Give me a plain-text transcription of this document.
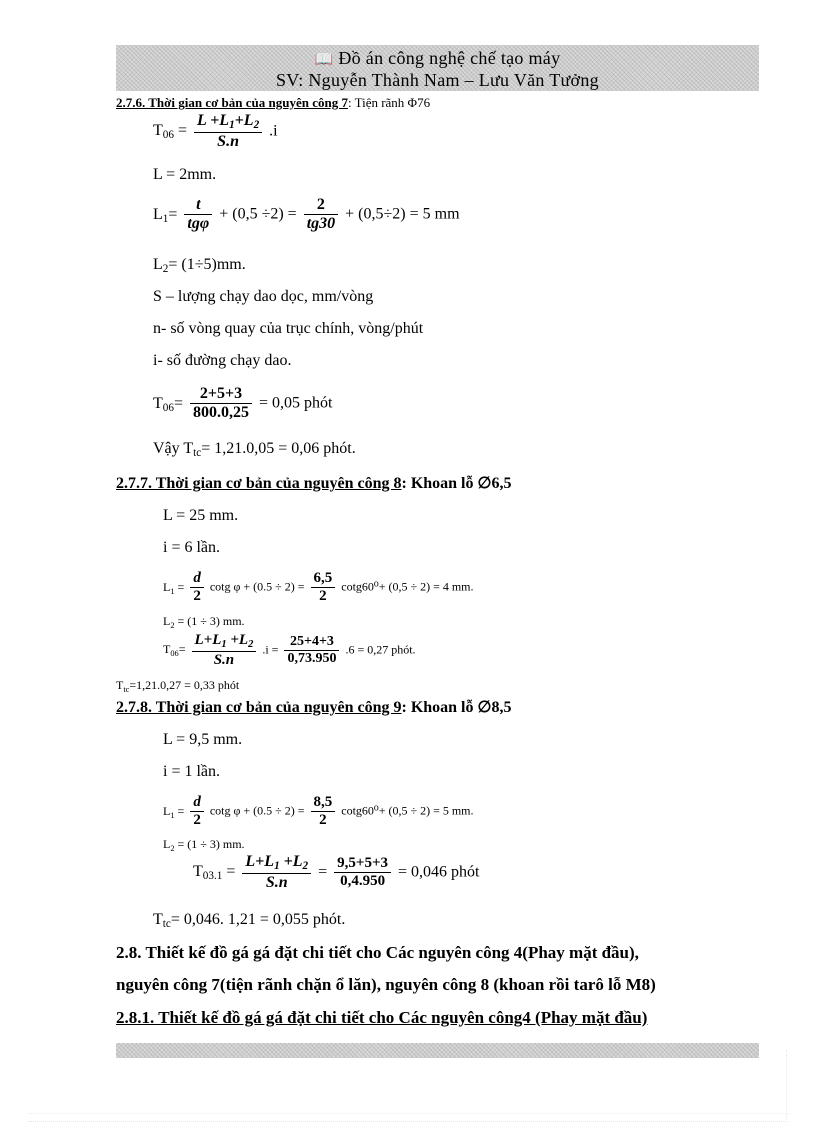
📖 Đồ án công nghệ chế tạo máy
SV: Nguyễn Thành Nam – Lưu Văn Tưởng
2.7.6. Thời gian cơ bản của nguyên công 7: Tiện rãnh Φ76
$T_{06} = \frac{L +L_1+L_2}{S.n} .i$
L = 2mm.
$L_1= \frac{t}{\text{tgφ}} + (0,5 \div 2) = \frac{2}{tg30} + (0,5\div 2) = 5$ mm
$L_2= (1\div 5)mm$.
S – lượng chạy dao dọc, mm/vòng
n- số vòng quay của trục chính, vòng/phút
i- số đường chạy dao.
$T_{06}= \frac{2+5+3}{800.0,25} = 0,05$ phót
Vậy $T_{tc}= 1,21.0,05 = 0,06$ phót.
2.7.7. Thời gian cơ bản của nguyên công 8: Khoan lỗ ∅6,5
L = 25 mm.
i = 6 lần.
$L_1 = \frac{d}{2}$ cotg $\varphi + (0.5 \div 2) = \frac{6,5}{2} \cot g60^0+ (0,5 \div 2) = 4$ mm.
$L_2 = (1 \div 3)$ mm.
$T_{06}= \frac{L+L_1 +L_2}{S.n} .i = \frac{25+4+3}{0,73.950} .6 = 0,27$ phót.
$T_{tc}=1,21.0,27 = 0,33$ phót
2.7.8. Thời gian cơ bản của nguyên công 9: Khoan lỗ ∅8,5
L = 9,5 mm.
i = 1 lần.
$L_1 = \frac{d}{2}$ cotg $\varphi + (0.5 \div 2) = \frac{8,5}{2} \cot g60^0+ (0,5 \div 2) = 5$ mm.
$L_2 = (1 \div 3)$ mm.
$T_{03.1} = \frac{L+L_1 +L_2}{S.n} = \frac{9,5+5+3}{0,4.950} = 0,046$ phót
$T_{tc}= 0,046$. 1,21 = 0,055 phót.
2.8. Thiết kế đồ gá gá đặt chi tiết cho Các nguyên công 4(Phay mặt đầu),
nguyên công 7(tiện rãnh chặn ổ lăn), nguyên công 8 (khoan rồi tarô lỗ M8)
2.8.1. Thiết kế đồ gá gá đặt chi tiết cho Các nguyên công4 (Phay mặt đầu)
